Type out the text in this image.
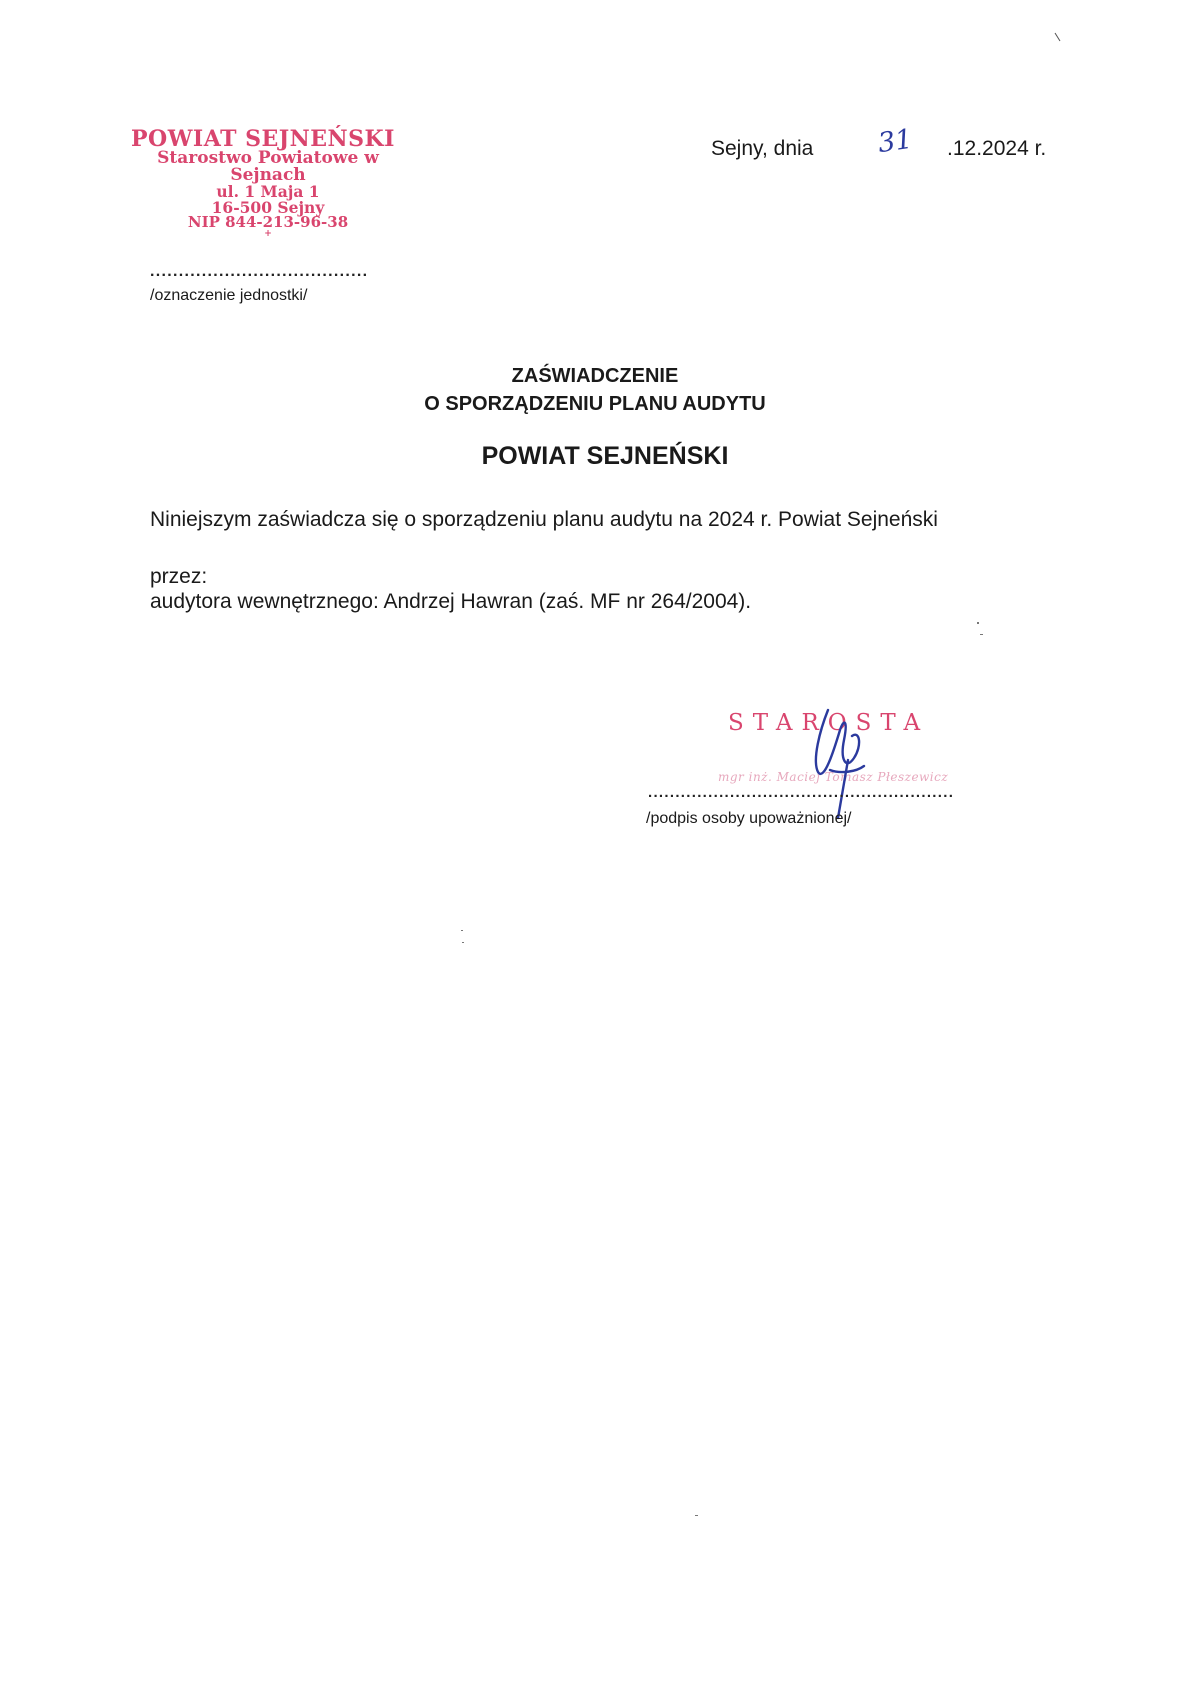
POWIAT SEJNEŃSKI
Starostwo Powiatowe w Sejnach
ul. 1 Maja 1
16-500 Sejny
NIP 844-213-96-38
+
Sejny, dnia 31 .12.2024 r.
......................................
/oznaczenie jednostki/
ZAŚWIADCZENIE
O SPORZĄDZENIU PLANU AUDYTU
POWIAT SEJNEŃSKI
Niniejszym zaświadcza się o sporządzeniu planu audytu na 2024 r. Powiat Sejneński
przez:
audytora wewnętrznego: Andrzej Hawran (zaś. MF nr 264/2004).
STAROSTA
mgr inż. Maciej Tomasz Płeszewicz
........................................................
/podpis osoby upoważnionej/
